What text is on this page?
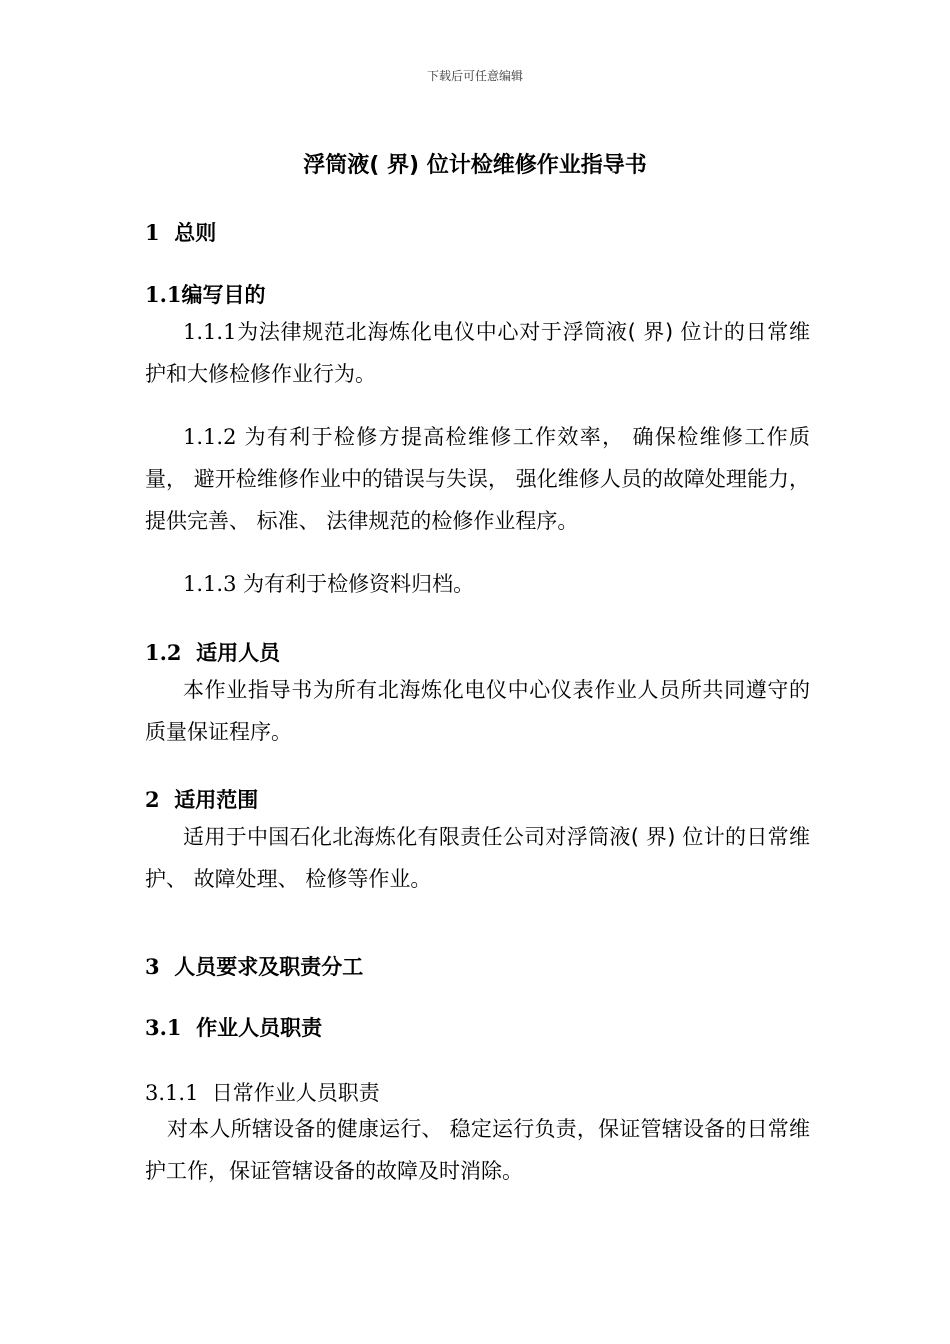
下载后可任意编辑
浮筒液( 界) 位计检维修作业指导书
1 总则
1.1编写目的

1.1.1为法律规范北海炼化电仪中心对于浮筒液( 界) 位计的日常维护和大修检修作业行为。

1.1.2 为有利于检修方提高检维修工作效率， 确保检维修工作质量， 避开检维修作业中的错误与失误， 强化维修人员的故障处理能力， 提供完善、 标准、 法律规范的检修作业程序。

1.1.3 为有利于检修资料归档。

1.2 适用人员

本作业指导书为所有北海炼化电仪中心仪表作业人员所共同遵守的质量保证程序。

2 适用范围

适用于中国石化北海炼化有限责任公司对浮筒液( 界) 位计的日常维护、 故障处理、 检修等作业。

3 人员要求及职责分工
3.1 作业人员职责
3.1.1 日常作业人员职责

对本人所辖设备的健康运行、 稳定运行负责，保证管辖设备的日常维护工作，保证管辖设备的故障及时消除。
